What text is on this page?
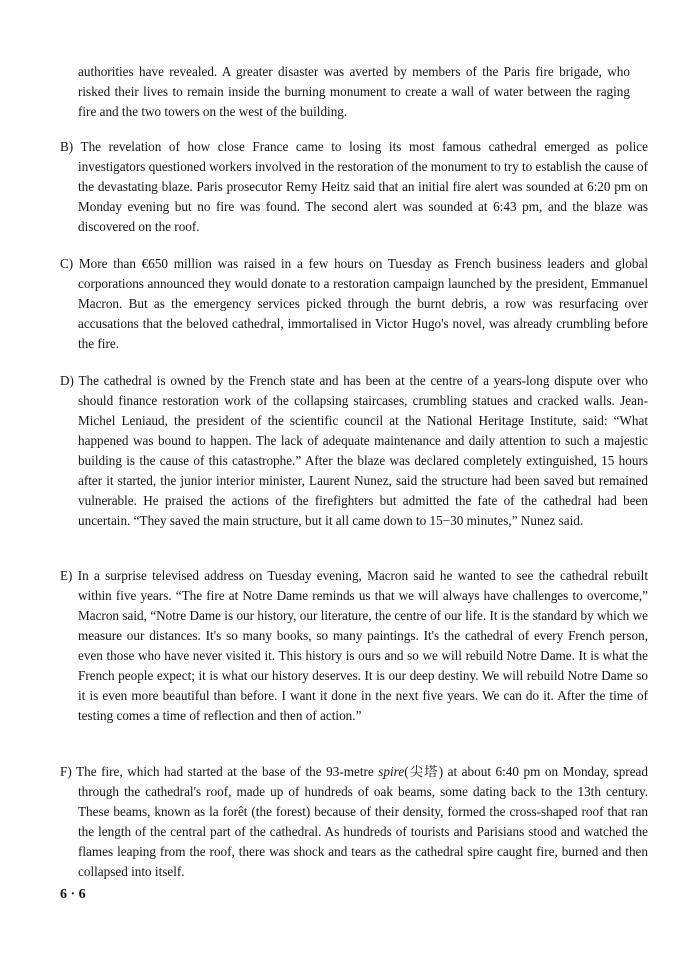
authorities have revealed. A greater disaster was averted by members of the Paris fire brigade, who risked their lives to remain inside the burning monument to create a wall of water between the raging fire and the two towers on the west of the building.
B) The revelation of how close France came to losing its most famous cathedral emerged as police investigators questioned workers involved in the restoration of the monument to try to establish the cause of the devastating blaze. Paris prosecutor Remy Heitz said that an initial fire alert was sounded at 6:20 pm on Monday evening but no fire was found. The second alert was sounded at 6:43 pm, and the blaze was discovered on the roof.
C) More than €650 million was raised in a few hours on Tuesday as French business leaders and global corporations announced they would donate to a restoration campaign launched by the president, Emmanuel Macron. But as the emergency services picked through the burnt debris, a row was resurfacing over accusations that the beloved cathedral, immortalised in Victor Hugo's novel, was already crumbling before the fire.
D) The cathedral is owned by the French state and has been at the centre of a years-long dispute over who should finance restoration work of the collapsing staircases, crumbling statues and cracked walls. Jean-Michel Leniaud, the president of the scientific council at the National Heritage Institute, said: “What happened was bound to happen. The lack of adequate maintenance and daily attention to such a majestic building is the cause of this catastrophe.” After the blaze was declared completely extinguished, 15 hours after it started, the junior interior minister, Laurent Nunez, said the structure had been saved but remained vulnerable. He praised the actions of the firefighters but admitted the fate of the cathedral had been uncertain. “They saved the main structure, but it all came down to 15−30 minutes,” Nunez said.
E) In a surprise televised address on Tuesday evening, Macron said he wanted to see the cathedral rebuilt within five years. “The fire at Notre Dame reminds us that we will always have challenges to overcome,” Macron said, “Notre Dame is our history, our literature, the centre of our life. It is the standard by which we measure our distances. It's so many books, so many paintings. It's the cathedral of every French person, even those who have never visited it. This history is ours and so we will rebuild Notre Dame. It is what the French people expect; it is what our history deserves. It is our deep destiny. We will rebuild Notre Dame so it is even more beautiful than before. I want it done in the next five years. We can do it. After the time of testing comes a time of reflection and then of action.”
F) The fire, which had started at the base of the 93-metre spire(尖塔) at about 6:40 pm on Monday, spread through the cathedral's roof, made up of hundreds of oak beams, some dating back to the 13th century. These beams, known as la forêt (the forest) because of their density, formed the cross-shaped roof that ran the length of the central part of the cathedral. As hundreds of tourists and Parisians stood and watched the flames leaping from the roof, there was shock and tears as the cathedral spire caught fire, burned and then collapsed into itself.
6 · 6
